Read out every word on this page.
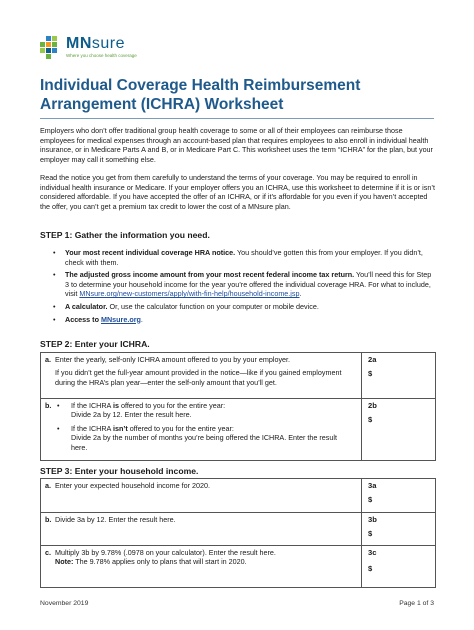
MNsure
Where you choose health coverage
Individual Coverage Health Reimbursement Arrangement (ICHRA) Worksheet

Employers who don’t offer traditional group health coverage to some or all of their employees can reimburse those employees for medical expenses through an account-based plan that requires employees to also enroll in individual health insurance, or in Medicare Parts A and B, or in Medicare Part C. This worksheet uses the term “ICHRA” for the plan, but your employer may call it something else.

Read the notice you get from them carefully to understand the terms of your coverage. You may be required to enroll in individual health insurance or Medicare. If your employer offers you an ICHRA, use this worksheet to determine if it is or isn’t considered affordable. If you have accepted the offer of an ICHRA, or if it’s affordable for you even if you haven’t accepted the offer, you can’t get a premium tax credit to lower the cost of a MNsure plan.

STEP 1: Gather the information you need.
• Your most recent individual coverage HRA notice. You should’ve gotten this from your employer. If you didn’t, check with them.
• The adjusted gross income amount from your most recent federal income tax return. You’ll need this for Step 3 to determine your household income for the year you’re offered the individual coverage HRA. For what to include, visit MNsure.org/new-customers/apply/with-fin-help/household-income.jsp.
• A calculator. Or, use the calculator function on your computer or mobile device.
• Access to MNsure.org.
STEP 2: Enter your ICHRA.
a. Enter the yearly, self-only ICHRA amount offered to you by your employer.
If you didn’t get the full-year amount provided in the notice—like if you gained employment during the HRA’s plan year—enter the self-only amount that you’ll get.
2a
$
b. • If the ICHRA is offered to you for the entire year:
Divide 2a by 12. Enter the result here.
• If the ICHRA isn’t offered to you for the entire year:
Divide 2a by the number of months you’re being offered the ICHRA. Enter the result here.
2b
$
STEP 3: Enter your household income.
a. Enter your expected household income for 2020.	3a
$
b. Divide 3a by 12. Enter the result here.	3b
$
c. Multiply 3b by 9.78% (.0978 on your calculator). Enter the result here.
Note: The 9.78% applies only to plans that will start in 2020.
3c
$
November 2019	Page 1 of 3
